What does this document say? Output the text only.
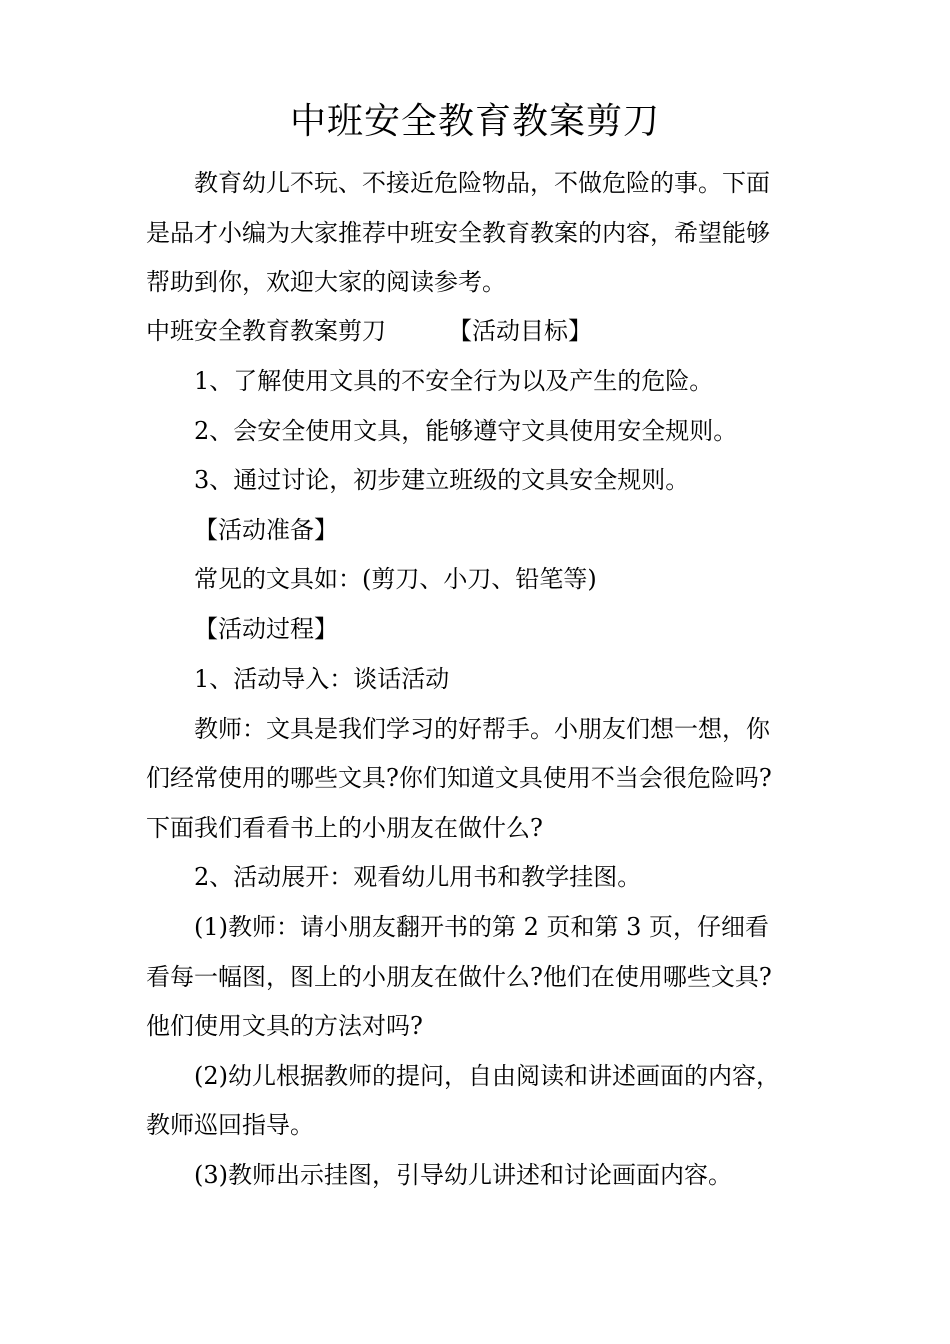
中班安全教育教案剪刀
教育幼儿不玩、不接近危险物品，不做危险的事。下面
是品才小编为大家推荐中班安全教育教案的内容，希望能够
帮助到你，欢迎大家的阅读参考。
中班安全教育教案剪刀	【活动目标】
1、了解使用文具的不安全行为以及产生的危险。
2、会安全使用文具，能够遵守文具使用安全规则。
3、通过讨论，初步建立班级的文具安全规则。
【活动准备】
常见的文具如：(剪刀、小刀、铅笔等)
【活动过程】
1、活动导入：谈话活动
教师：文具是我们学习的好帮手。小朋友们想一想，你
们经常使用的哪些文具?你们知道文具使用不当会很危险吗?
下面我们看看书上的小朋友在做什么?
2、活动展开：观看幼儿用书和教学挂图。
(1)教师：请小朋友翻开书的第 2 页和第 3 页，仔细看
看每一幅图，图上的小朋友在做什么?他们在使用哪些文具?
他们使用文具的方法对吗?
(2)幼儿根据教师的提问，自由阅读和讲述画面的内容，
教师巡回指导。
(3)教师出示挂图，引导幼儿讲述和讨论画面内容。
